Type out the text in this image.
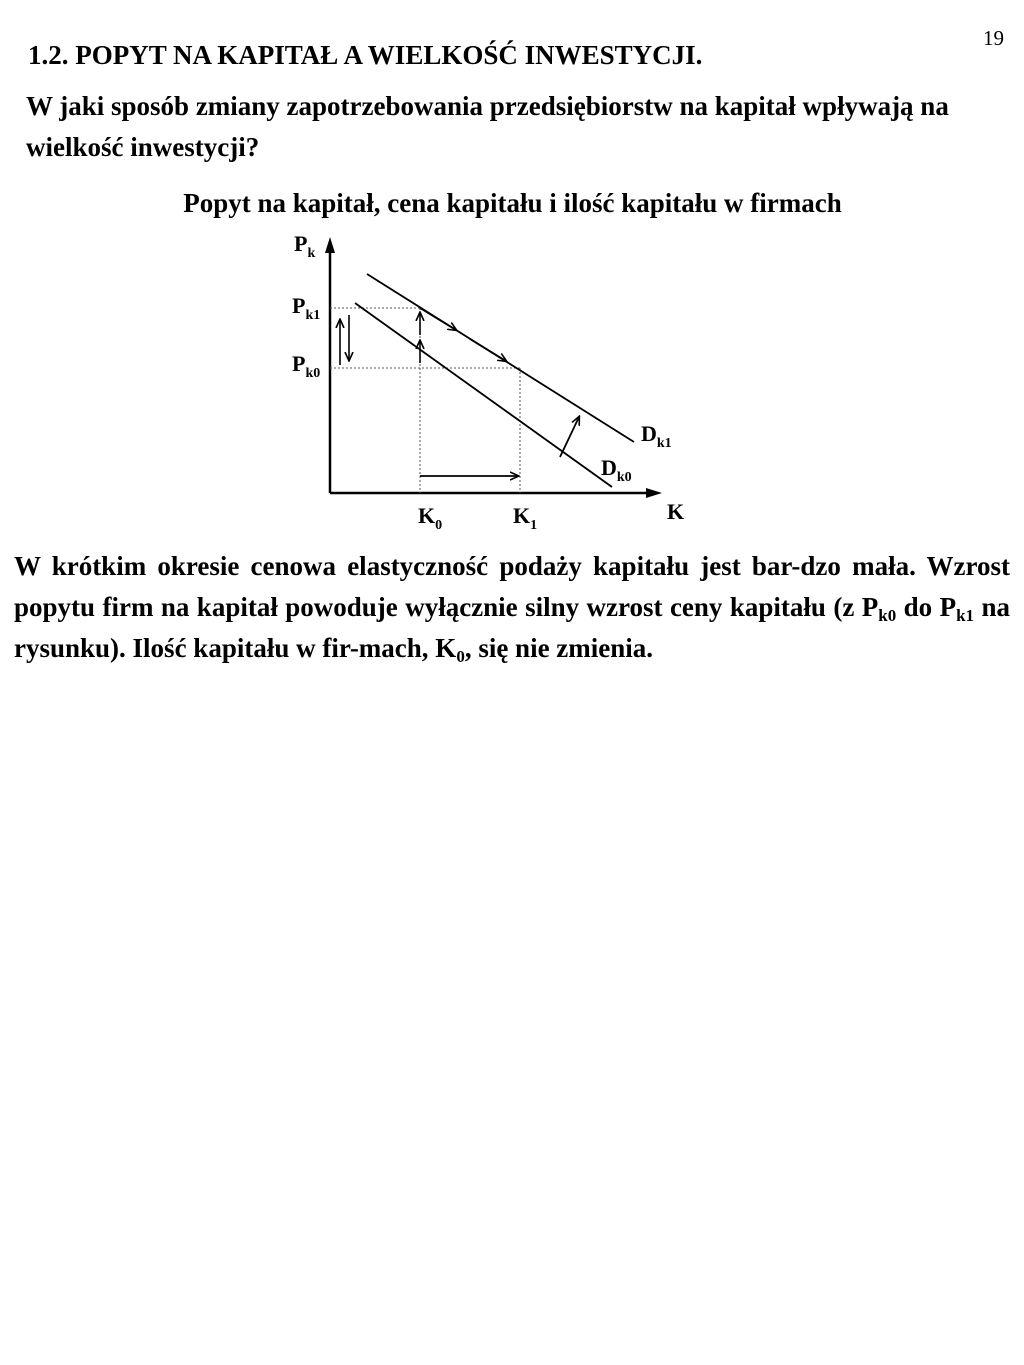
19
1.2. POPYT NA KAPITAŁ A WIELKOŚĆ INWESTYCJI.
W jaki sposób zmiany zapotrzebowania przedsiębiorstw na kapitał wpływają na wielkość inwestycji?
Popyt na kapitał, cena kapitału i ilość kapitału w firmach
$P_k$
$P_{k1}$
$P_{k0}$
$D_{k1}$
$D_{k0}$
$K_0$	$K_1$
K
W krótkim okresie cenowa elastyczność podaży kapitału jest bar-dzo mała. Wzrost popytu firm na kapitał powoduje wyłącznie silny wzrost ceny kapitału (z $P_{k0}$ do $P_{k1}$ na rysunku). Ilość kapitału w fir-mach, $K_0$, się nie zmienia.
